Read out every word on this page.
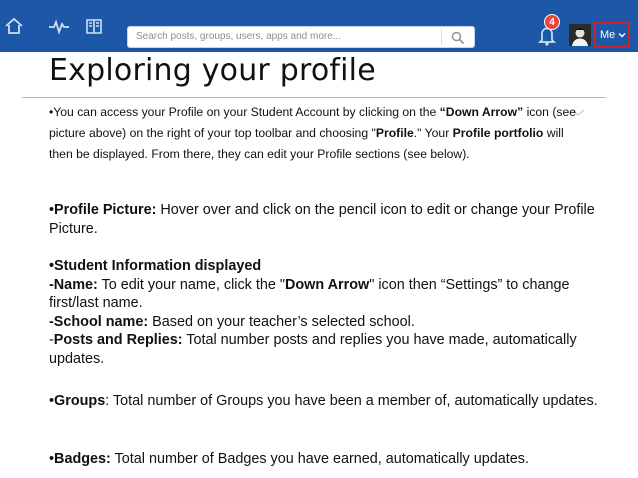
Search posts, groups, users, apps and more...
4
Me
Exploring your profile
•You can access your Profile on your Student Account by clicking on the “Down Arrow” icon (see picture above) on the right of your top toolbar and choosing "Profile." Your Profile portfolio will then be displayed. From there, they can edit your Profile sections (see below).
•Profile Picture: Hover over and click on the pencil icon to edit or change your Profile Picture.
•Student Information displayed
-Name: To edit your name, click the "Down Arrow" icon then “Settings” to change first/last name.
-School name: Based on your teacher’s selected school.
-Posts and Replies: Total number posts and replies you have made, automatically updates.
•Groups: Total number of Groups you have been a member of, automatically updates.
•Badges: Total number of Badges you have earned, automatically updates.
